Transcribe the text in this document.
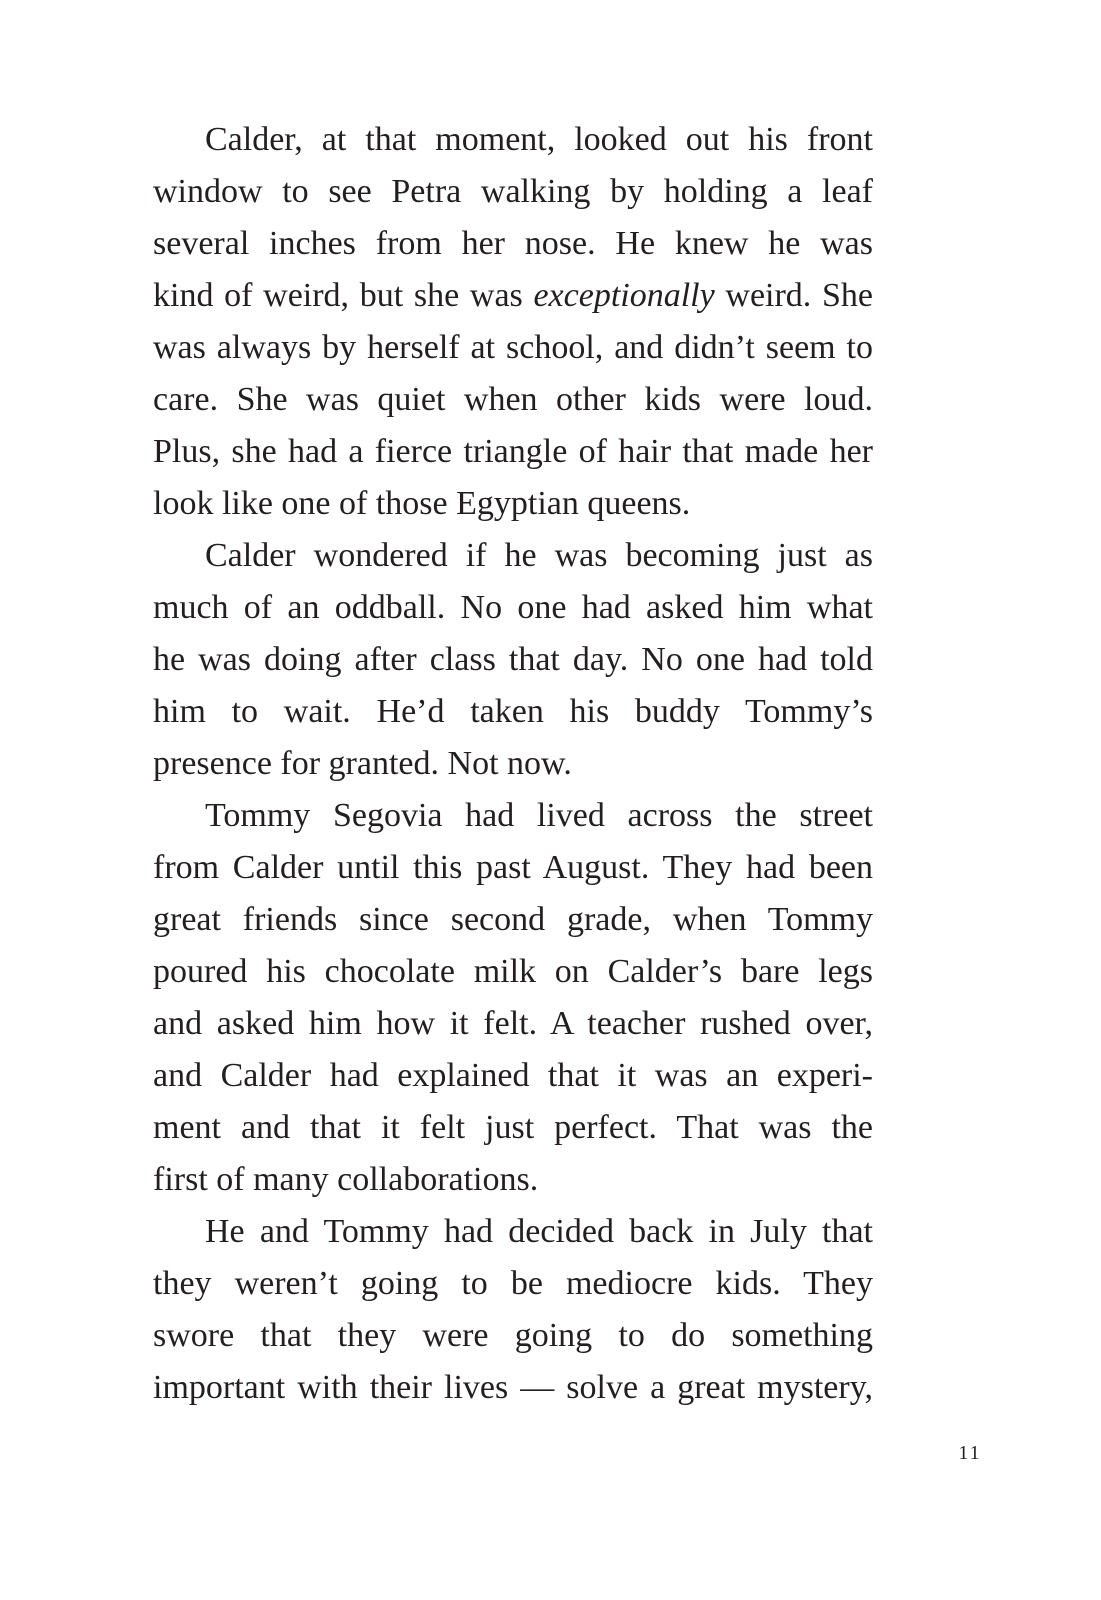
Calder, at that moment, looked out his front
window to see Petra walking by holding a leaf
several inches from her nose. He knew he was
kind of weird, but she was exceptionally weird. She
was always by herself at school, and didn’t seem to
care. She was quiet when other kids were loud.
Plus, she had a fierce triangle of hair that made her
look like one of those Egyptian queens.
Calder wondered if he was becoming just as
much of an oddball. No one had asked him what
he was doing after class that day. No one had told
him to wait. He’d taken his buddy Tommy’s
presence for granted. Not now.
Tommy Segovia had lived across the street
from Calder until this past August. They had been
great friends since second grade, when Tommy
poured his chocolate milk on Calder’s bare legs
and asked him how it felt. A teacher rushed over,
and Calder had explained that it was an experi-
ment and that it felt just perfect. That was the
first of many collaborations.
He and Tommy had decided back in July that
they weren’t going to be mediocre kids. They
swore that they were going to do something
important with their lives — solve a great mystery,
11
